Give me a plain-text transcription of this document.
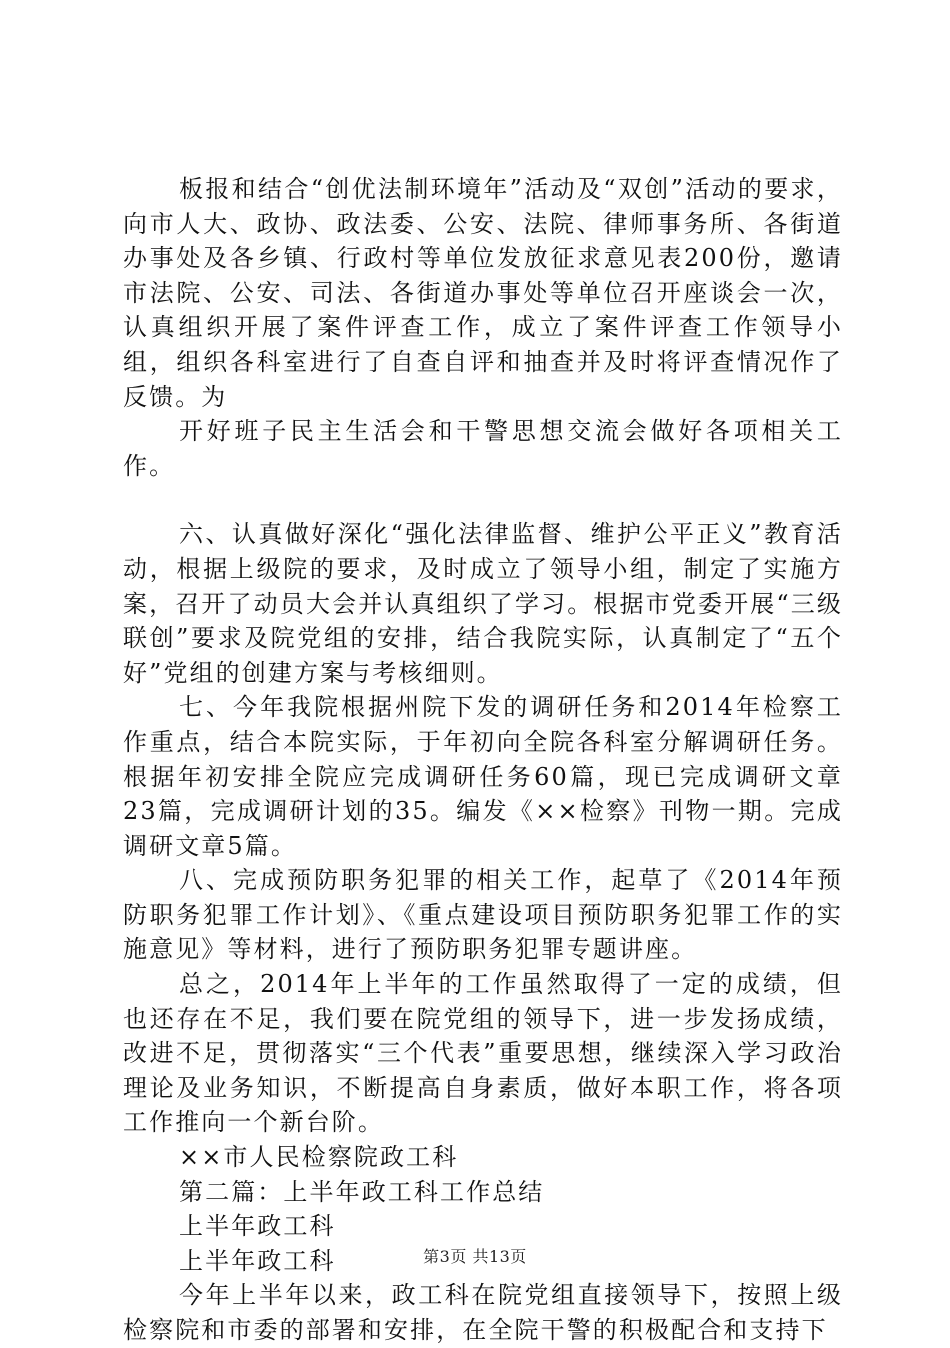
板报和结合“创优法制环境年”活动及“双创”活动的要求，向市人大、政协、政法委、公安、法院、律师事务所、各街道办事处及各乡镇、行政村等单位发放征求意见表200份，邀请市法院、公安、司法、各街道办事处等单位召开座谈会一次，认真组织开展了案件评查工作，成立了案件评查工作领导小组，组织各科室进行了自查自评和抽查并及时将评查情况作了反馈。为

开好班子民主生活会和干警思想交流会做好各项相关工作。

六、认真做好深化“强化法律监督、维护公平正义”教育活动，根据上级院的要求，及时成立了领导小组，制定了实施方案，召开了动员大会并认真组织了学习。根据市党委开展“三级联创”要求及院党组的安排，结合我院实际，认真制定了“五个好”党组的创建方案与考核细则。

七、今年我院根据州院下发的调研任务和2014年检察工作重点，结合本院实际，于年初向全院各科室分解调研任务。根据年初安排全院应完成调研任务60篇，现已完成调研文章23篇，完成调研计划的35。编发《××检察》刊物一期。完成调研文章5篇。

八、完成预防职务犯罪的相关工作，起草了《2014年预防职务犯罪工作计划》、《重点建设项目预防职务犯罪工作的实施意见》等材料，进行了预防职务犯罪专题讲座。

总之，2014年上半年的工作虽然取得了一定的成绩，但也还存在不足，我们要在院党组的领导下，进一步发扬成绩，改进不足，贯彻落实“三个代表”重要思想，继续深入学习政治理论及业务知识，不断提高自身素质，做好本职工作，将各项工作推向一个新台阶。

××市人民检察院政工科

第二篇：上半年政工科工作总结

上半年政工科

上半年政工科

今年上半年以来，政工科在院党组直接领导下，按照上级检察院和市委的部署和安排，在全院干警的积极配合和支持下

第3页 共13页
